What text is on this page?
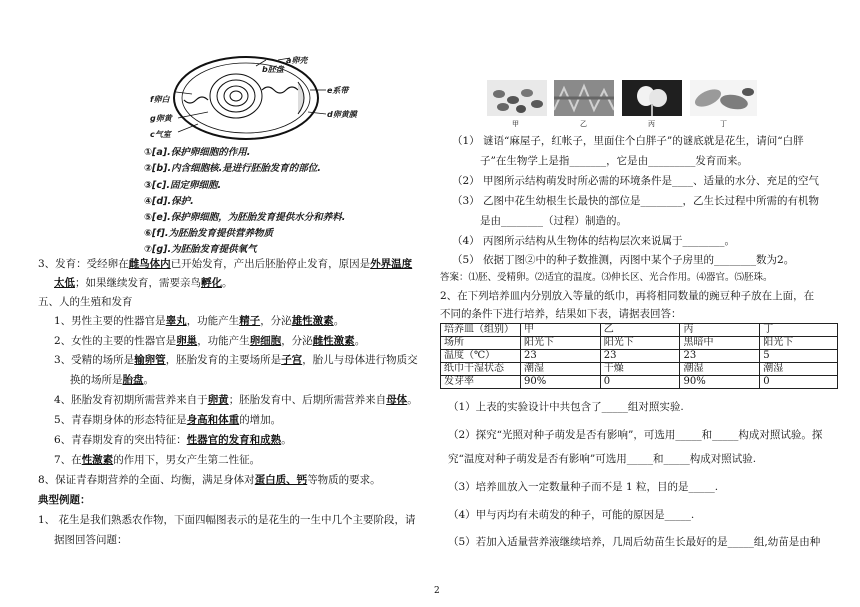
a卵壳
b胚盘
e系带
d卵黄膜
f卵白
g卵黄
c气室
①[a].保护卵细胞的作用.
②[b].内含细胞核.是进行胚胎发育的部位.
③[c].固定卵细胞.
④[d].保护.
⑤[e].保护卵细胞，为胚胎发育提供水分和养料.
⑥[f].为胚胎发育提供营养物质
⑦[g].为胚胎发育提供氧气
3、发育：受经卵在雌鸟体内已开始发育，产出后胚胎停止发育，原因是外界温度
太低；如果继续发育，需要亲鸟孵化。
五、人的生殖和发育
1、男性主要的性器官是睾丸，功能产生精子，分泌雄性激素。
2、女性的主要的性器官是卵巢，功能产生卵细胞，分泌雌性激素。
3、受精的场所是输卵管，胚胎发育的主要场所是子宫，胎儿与母体进行物质交
换的场所是胎盘。
4、胚胎发育初期所需营养来自于卵黄；胚胎发育中、后期所需营养来自母体。
5、青春期身体的形态特征是身高和体重的增加。
6、青春期发育的突出特征：性器官的发育和成熟。
7、在性激素的作用下，男女产生第二性征。
8、保证青春期营养的全面、均衡，满足身体对蛋白质、钙等物质的要求。
典型例题：
1、 花生是我们熟悉农作物，下面四幅图表示的是花生的一生中几个主要阶段，请
据图回答问题：
甲	乙	丙	丁
（1） 谜语“麻屋子，红帐子，里面住个白胖子”的谜底就是花生，请问“白胖
子”在生物学上是指_______，它是由_________发育而来。
（2） 甲图所示结构萌发时所必需的环境条件是____、适量的水分、充足的空气
（3） 乙图中花生幼根生长最快的部位是________，乙生长过程中所需的有机物
是由________（过程）制造的。
（4） 丙图所示结构从生物体的结构层次来说属于________。
（5） 依据丁图②中的种子数推测，丙图中某个子房里的________数为2。
答案：⑴胚、受精卵。⑵适宜的温度。⑶伸长区、光合作用。⑷器官。⑸胚珠。
2、在下列培养皿内分别放入等量的纸巾，再将相同数量的豌豆种子放在上面，在
不同的条件下进行培养，结果如下表，请据表回答：
培养皿（组别）	甲	乙	丙	丁
场所	阳光下	阳光下	黑暗中	阳光下
温度（℃）	23	23	23	5
纸巾干湿状态	潮湿	干燥	潮湿	潮湿
发芽率	90%	0	90%	0
（1）上表的实验设计中共包含了_____组对照实验.
（2）探究“光照对种子萌发是否有影响”，可选用_____和_____构成对照试验。探
究“温度对种子萌发是否有影响”可选用_____和_____构成对照试验.
（3）培养皿放入一定数量种子而不是 1 粒，目的是_____.
（4）甲与丙均有未萌发的种子，可能的原因是_____.
（5）若加入适量营养液继续培养，几周后幼苗生长最好的是_____组,幼苗是由种
2
